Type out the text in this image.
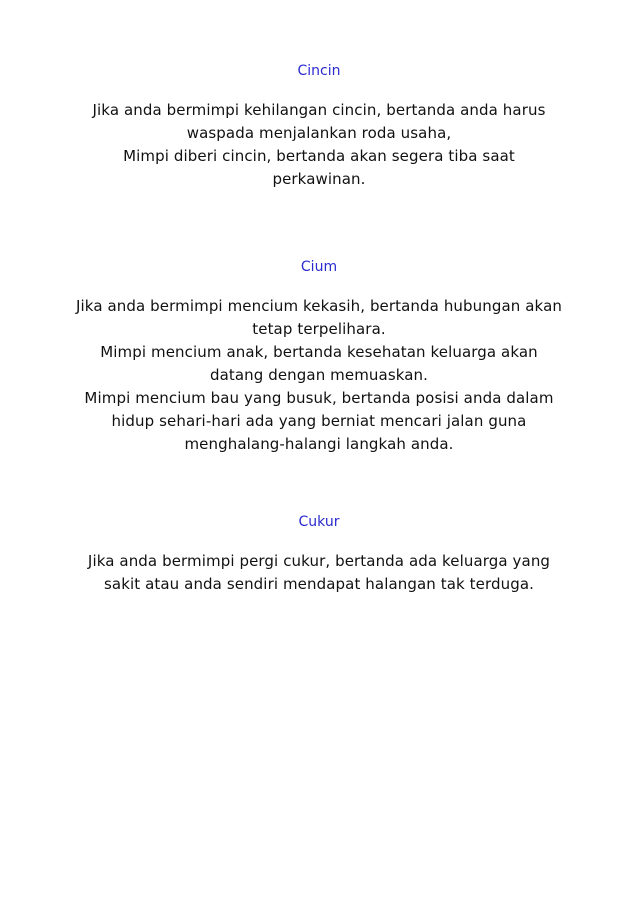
Cincin

Jika anda bermimpi kehilangan cincin, bertanda anda harus
waspada menjalankan roda usaha,
Mimpi diberi cincin, bertanda akan segera tiba saat
perkawinan.

Cium

Jika anda bermimpi mencium kekasih, bertanda hubungan akan
tetap terpelihara.
Mimpi mencium anak, bertanda kesehatan keluarga akan
datang dengan memuaskan.
Mimpi mencium bau yang busuk, bertanda posisi anda dalam
hidup sehari-hari ada yang berniat mencari jalan guna
menghalang-halangi langkah anda.

Cukur

Jika anda bermimpi pergi cukur, bertanda ada keluarga yang
sakit atau anda sendiri mendapat halangan tak terduga.
